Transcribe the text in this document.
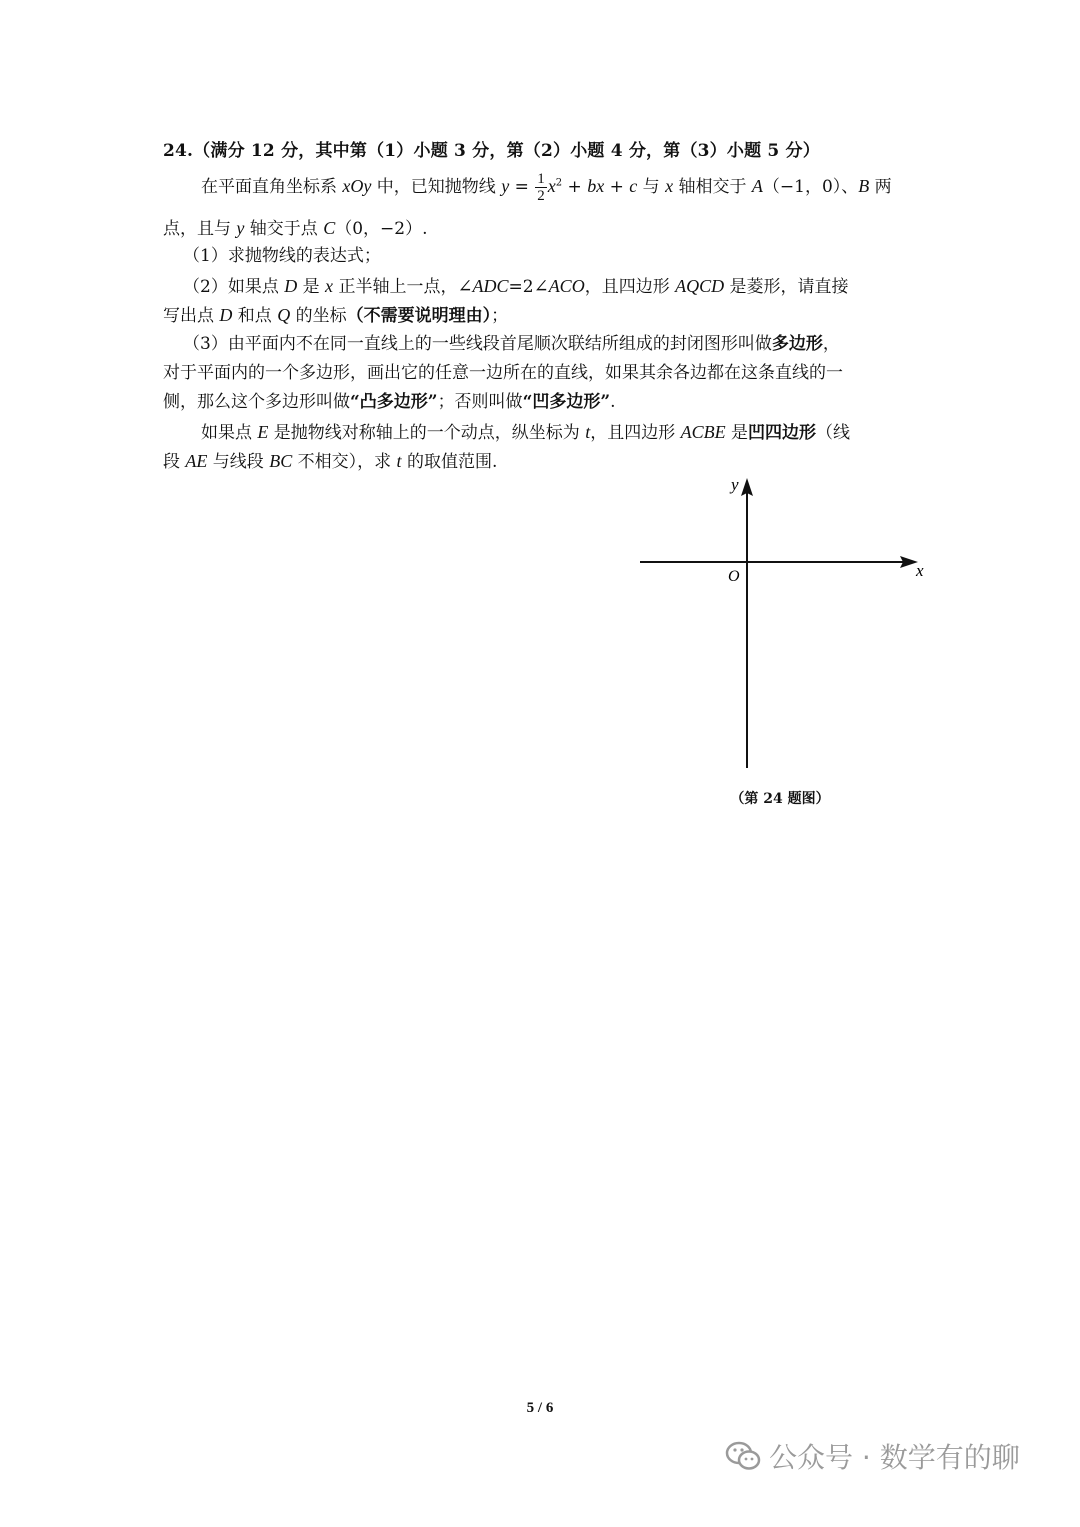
24.（满分 12 分，其中第（1）小题 3 分，第（2）小题 4 分，第（3）小题 5 分）
在平面直角坐标系 xOy 中，已知抛物线 $y = \frac{1}{2} x^2$ + bx + c 与 x 轴相交于 A（−1，0）、B 两
点，且与 y 轴交于点 C（0，−2）.
（1）求抛物线的表达式；
（2）如果点 D 是 x 正半轴上一点，∠ADC=2∠ACO，且四边形 AQCD 是菱形，请直接
写出点 D 和点 Q 的坐标（不需要说明理由）；
（3）由平面内不在同一直线上的一些线段首尾顺次联结所组成的封闭图形叫做多边形，
对于平面内的一个多边形，画出它的任意一边所在的直线，如果其余各边都在这条直线的一
侧，那么这个多边形叫做“凸多边形”；否则叫做“凹多边形”.
如果点 E 是抛物线对称轴上的一个动点，纵坐标为 t，且四边形 ACBE 是凹四边形（线
段 AE 与线段 BC 不相交），求 t 的取值范围.
y
x
O
（第 24 题图）
5 / 6
公众号 · 数学有的聊
